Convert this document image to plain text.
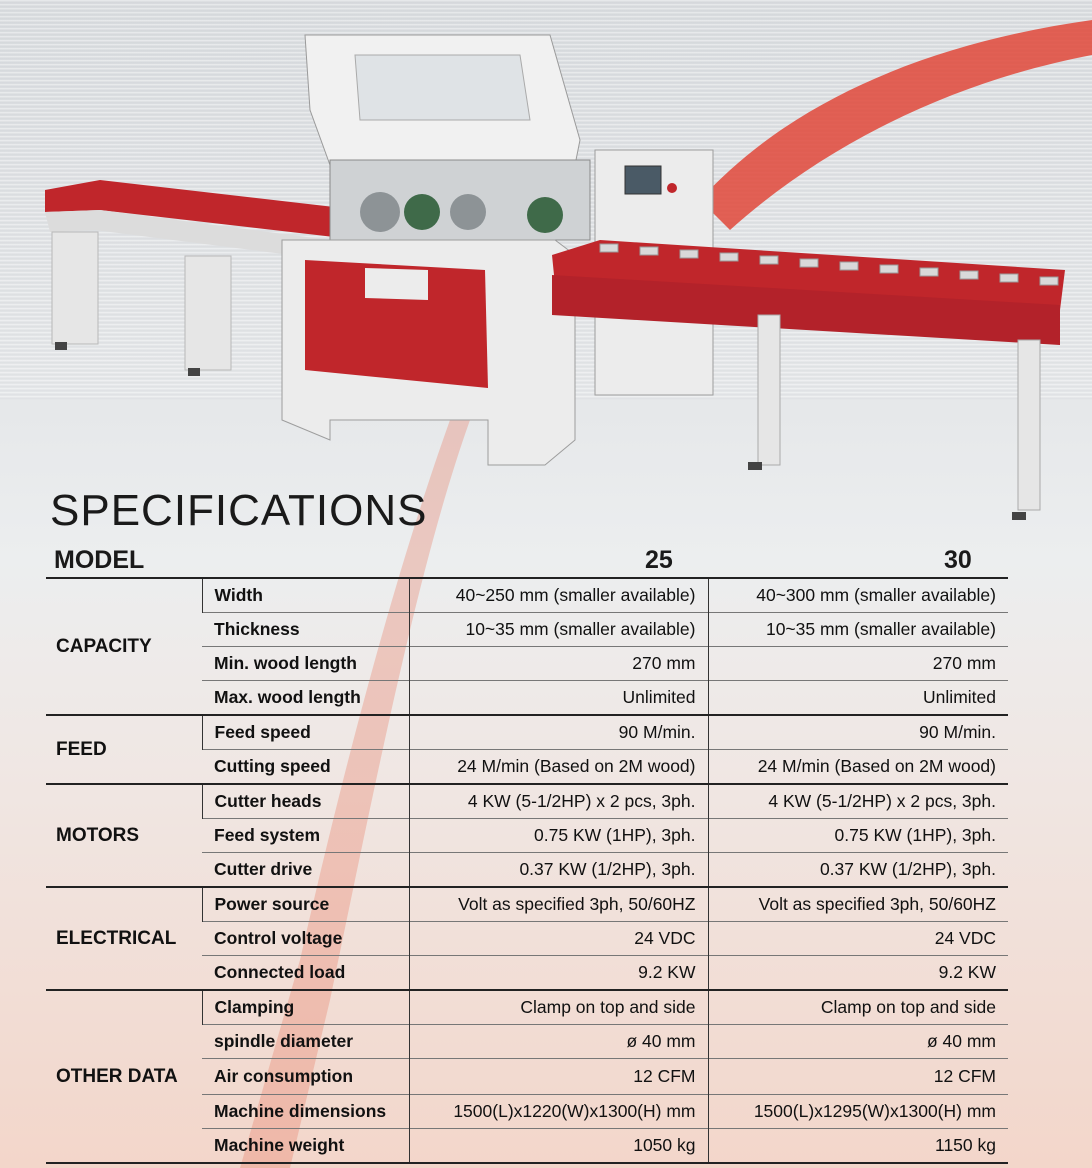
SPECIFICATIONS
MODEL	25	30
CAPACITY	Width	40~250 mm (smaller available)	40~300 mm (smaller available)
	Thickness	10~35 mm (smaller available)	10~35 mm (smaller available)
	Min. wood length	270 mm	270 mm
	Max. wood length	Unlimited	Unlimited
FEED	Feed speed	90 M/min.	90 M/min.
	Cutting speed	24 M/min (Based on 2M wood)	24 M/min (Based on 2M wood)
MOTORS	Cutter heads	4 KW (5-1/2HP) x 2 pcs, 3ph.	4 KW (5-1/2HP) x 2 pcs, 3ph.
	Feed system	0.75 KW (1HP), 3ph.	0.75 KW (1HP), 3ph.
	Cutter drive	0.37 KW (1/2HP), 3ph.	0.37 KW (1/2HP), 3ph.
ELECTRICAL	Power source	Volt as specified 3ph, 50/60HZ	Volt as specified 3ph, 50/60HZ
	Control voltage	24 VDC	24 VDC
	Connected load	9.2 KW	9.2 KW
OTHER DATA	Clamping	Clamp on top and side	Clamp on top and side
	spindle diameter	ø 40 mm	ø 40 mm
	Air consumption	12 CFM	12 CFM
	Machine dimensions	1500(L)x1220(W)x1300(H) mm	1500(L)x1295(W)x1300(H) mm
	Machine weight	1050 kg	1150 kg
